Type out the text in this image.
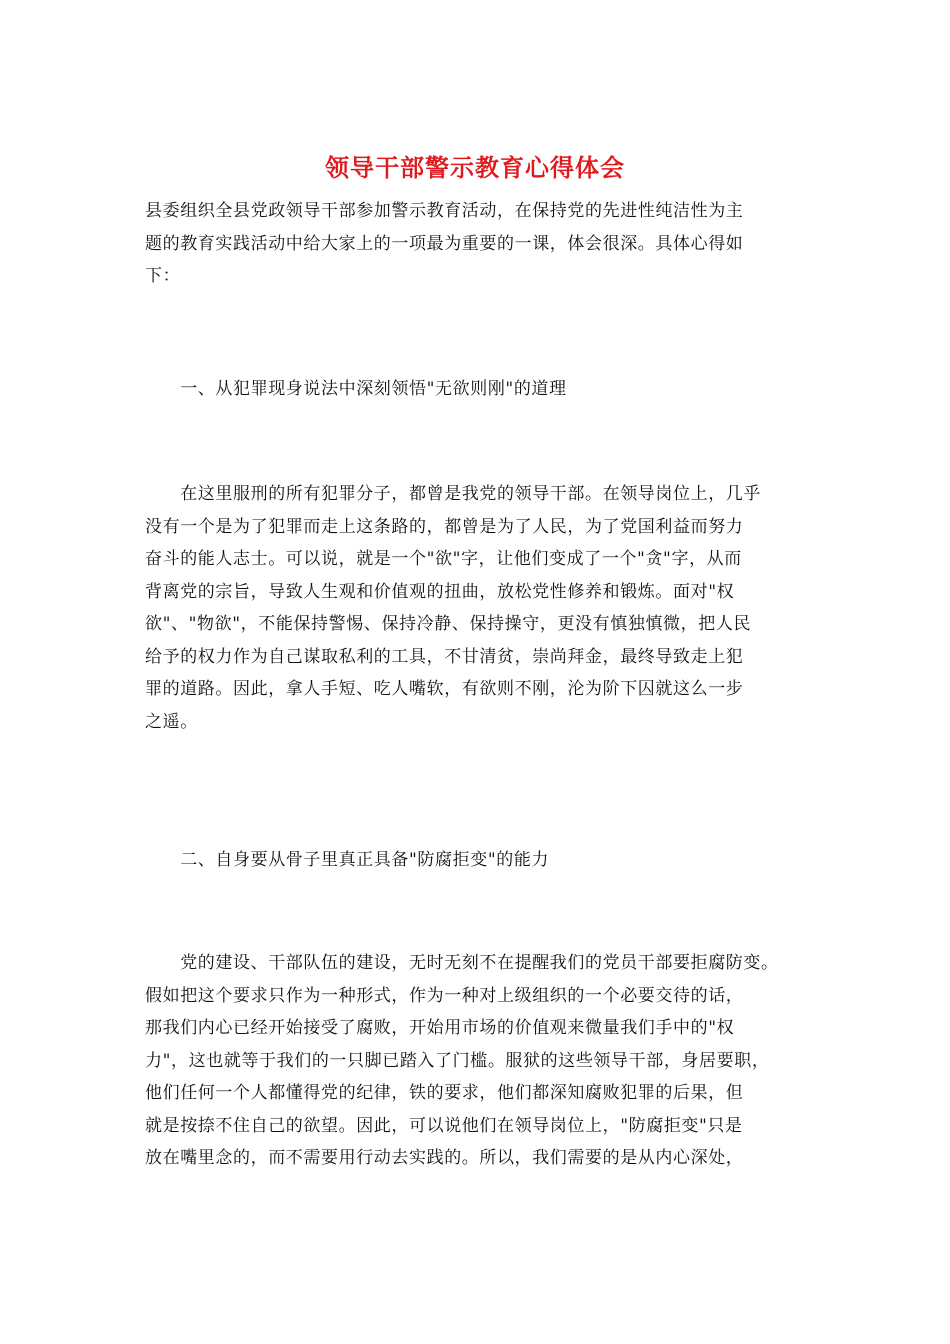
领导干部警示教育心得体会
县委组织全县党政领导干部参加警示教育活动，在保持党的先进性纯洁性为主
题的教育实践活动中给大家上的一项最为重要的一课，体会很深。具体心得如
下：
　　一、从犯罪现身说法中深刻领悟"无欲则刚"的道理
　　在这里服刑的所有犯罪分子，都曾是我党的领导干部。在领导岗位上，几乎
没有一个是为了犯罪而走上这条路的，都曾是为了人民，为了党国利益而努力
奋斗的能人志士。可以说，就是一个"欲"字，让他们变成了一个"贪"字，从而
背离党的宗旨，导致人生观和价值观的扭曲，放松党性修养和锻炼。面对"权
欲"、"物欲"，不能保持警惕、保持冷静、保持操守，更没有慎独慎微，把人民
给予的权力作为自己谋取私利的工具，不甘清贫，崇尚拜金，最终导致走上犯
罪的道路。因此，拿人手短、吃人嘴软，有欲则不刚，沦为阶下囚就这么一步
之遥。
　　二、自身要从骨子里真正具备"防腐拒变"的能力
　　党的建设、干部队伍的建设，无时无刻不在提醒我们的党员干部要拒腐防变。
假如把这个要求只作为一种形式，作为一种对上级组织的一个必要交待的话，
那我们内心已经开始接受了腐败，开始用市场的价值观来微量我们手中的"权
力"，这也就等于我们的一只脚已踏入了门槛。服狱的这些领导干部，身居要职，
他们任何一个人都懂得党的纪律，铁的要求，他们都深知腐败犯罪的后果，但
就是按捺不住自己的欲望。因此，可以说他们在领导岗位上，"防腐拒变"只是
放在嘴里念的，而不需要用行动去实践的。所以，我们需要的是从内心深处，
